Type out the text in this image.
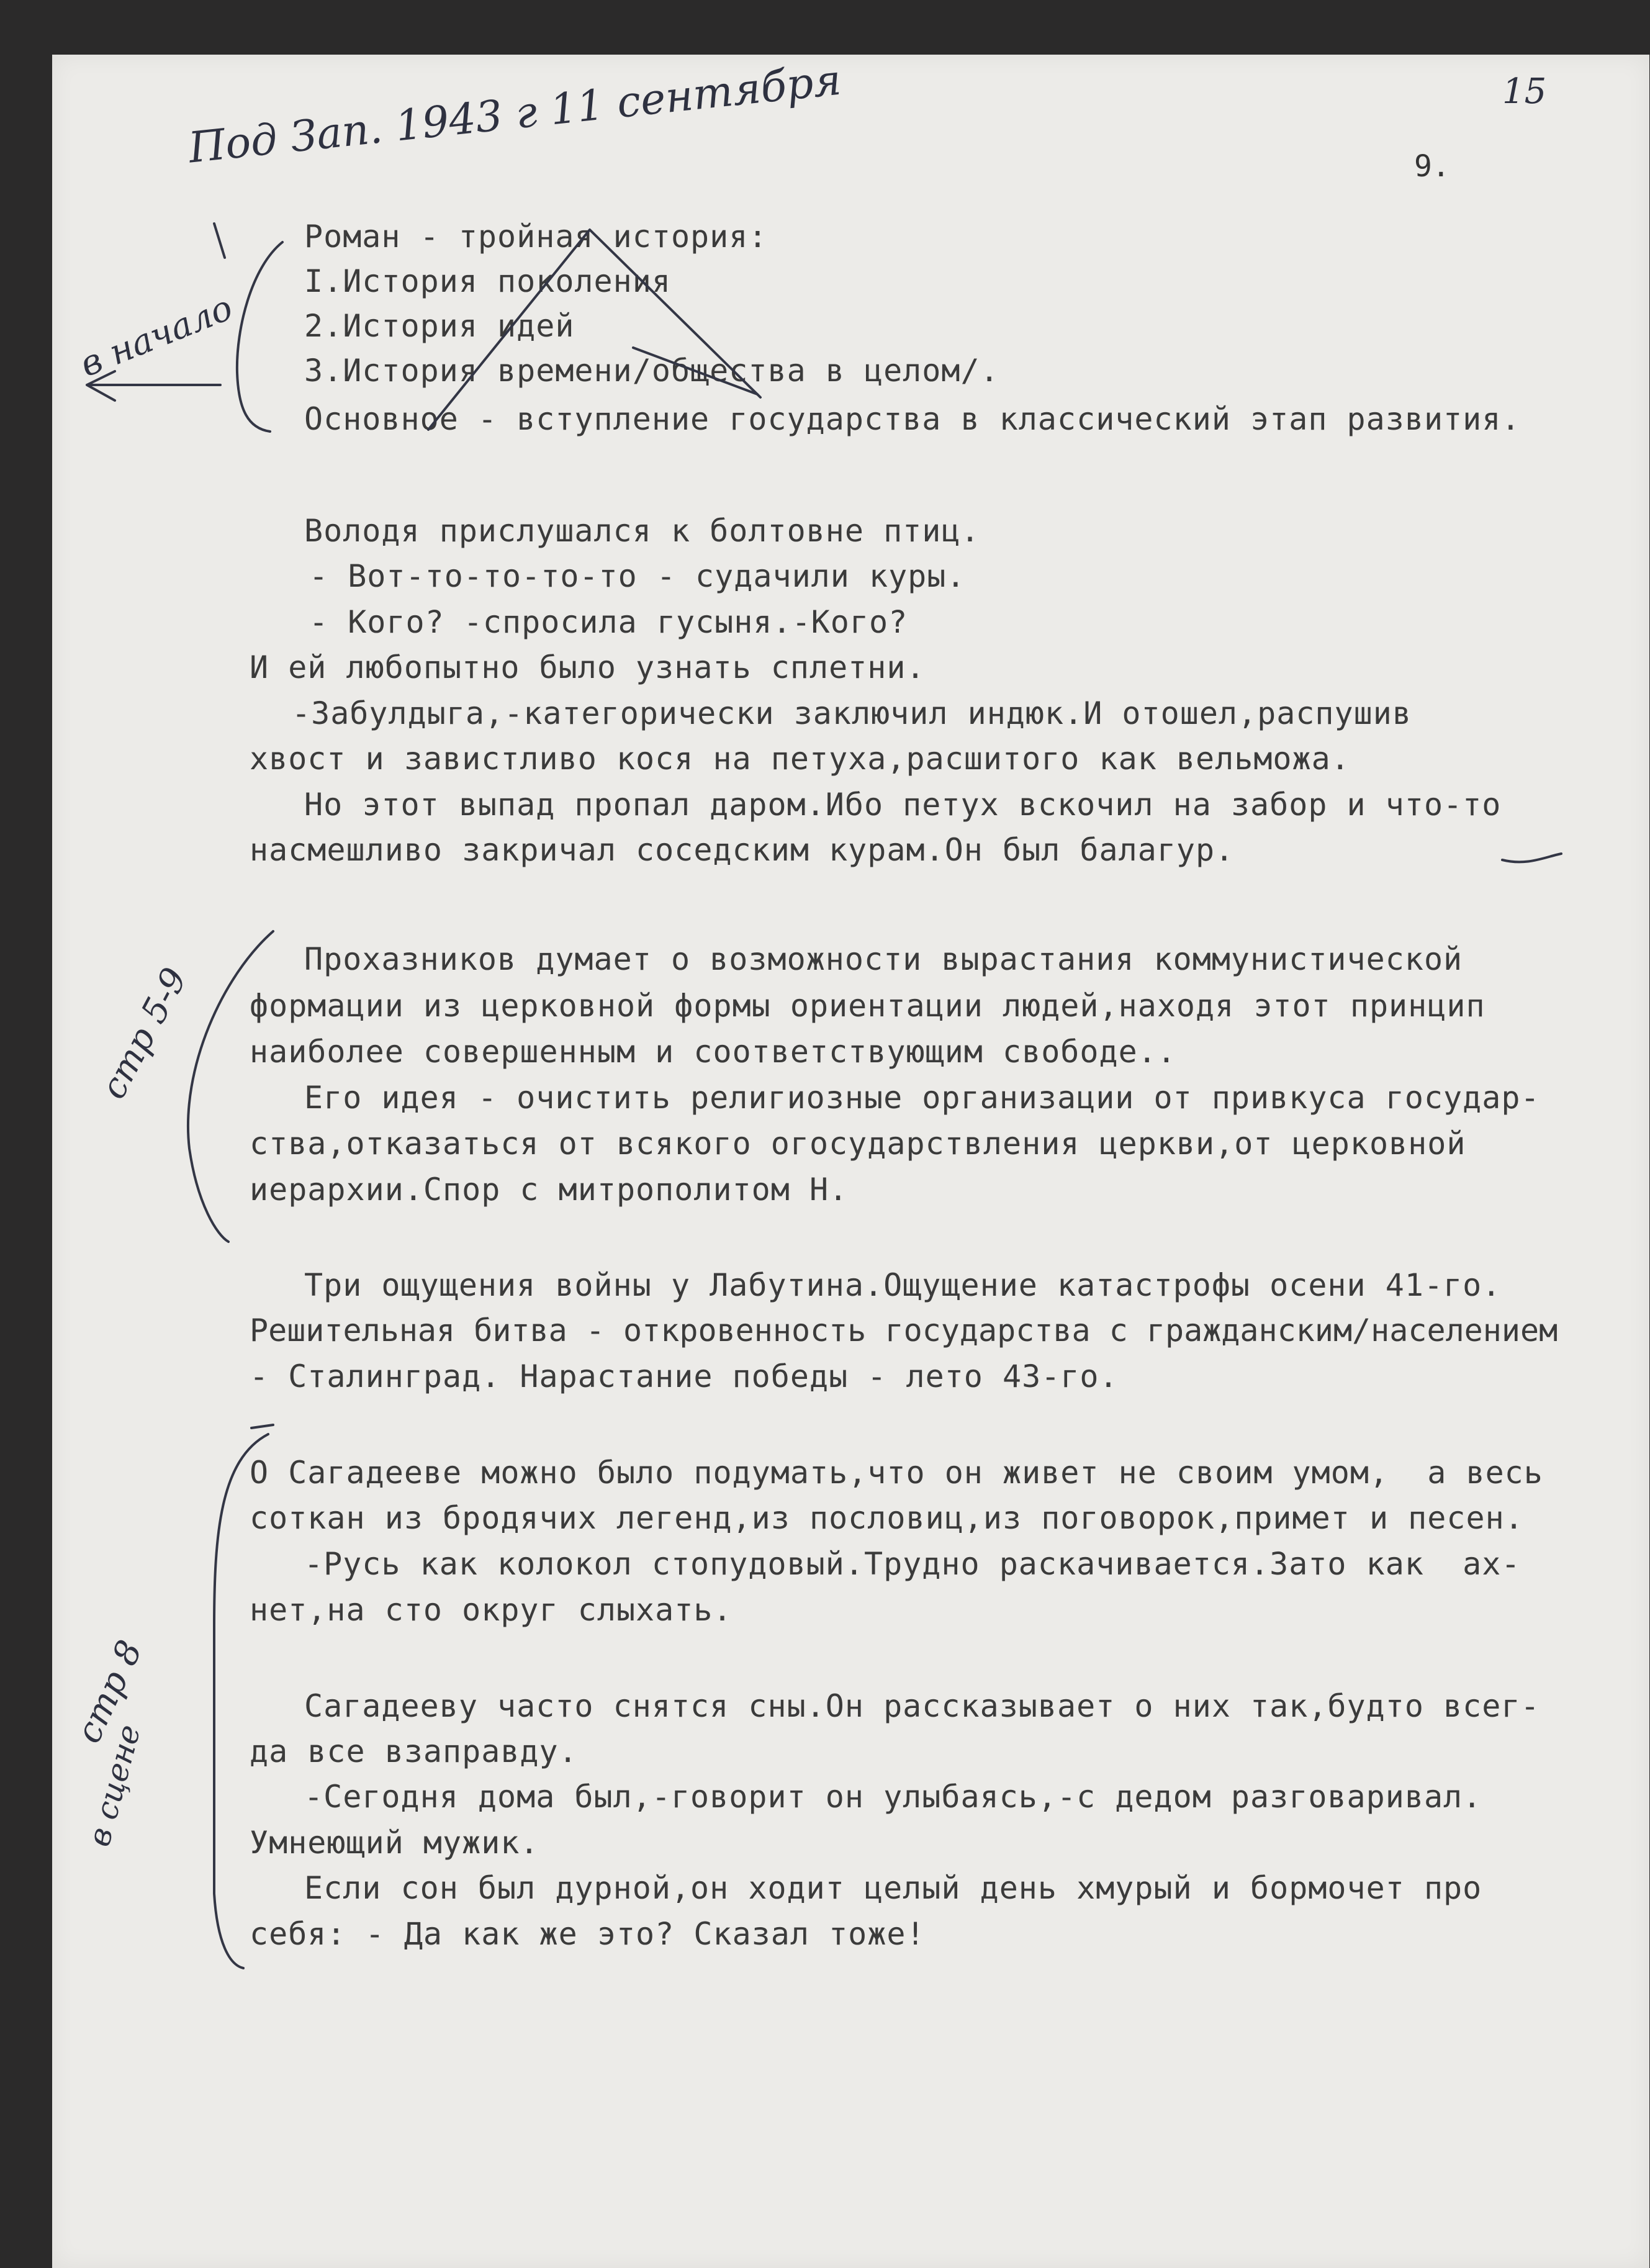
Под Зап. 1943 г 11 сентября	15
9.
в начало
стр 5-9
стр 8
в сцене
Роман - тройная история:
I.История поколения
2.История идей
3.История времени/общества в целом/.
Основное - вступление государства в классический этап развития.
Володя прислушался к болтовне птиц.
- Вот-то-то-то-то - судачили куры.
- Кого? -спросила гусыня.-Кого?
И ей любопытно было узнать сплетни.
-Забулдыга,-категорически заключил индюк.И отошел,распушив
хвост и завистливо кося на петуха,расшитого как вельможа.
Но этот выпад пропал даром.Ибо петух вскочил на забор и что-то
насмешливо закричал соседским курам.Он был балагур.
Прохазников думает о возможности вырастания коммунистической
формации из церковной формы ориентации людей,находя этот принцип
наиболее совершенным и соответствующим свободе..
Его идея - очистить религиозные организации от привкуса государ-
ства,отказаться от всякого огосударствления церкви,от церковной
иерархии.Спор с митрополитом Н.
Три ощущения войны у Лабутина.Ощущение катастрофы осени 41-го.
Решительная битва - откровенность государства с гражданским/населением
- Сталинград. Нарастание победы - лето 43-го.
О Сагадееве можно было подумать,что он живет не своим умом,  а весь
соткан из бродячих легенд,из пословиц,из поговорок,примет и песен.
-Русь как колокол стопудовый.Трудно раскачивается.Зато как  ах-
нет,на сто округ слыхать.
Сагадееву часто снятся сны.Он рассказывает о них так,будто всег-
да все взаправду.
-Сегодня дома был,-говорит он улыбаясь,-с дедом разговаривал.
Умнеющий мужик.
Если сон был дурной,он ходит целый день хмурый и бормочет про
себя: - Да как же это? Сказал тоже!
